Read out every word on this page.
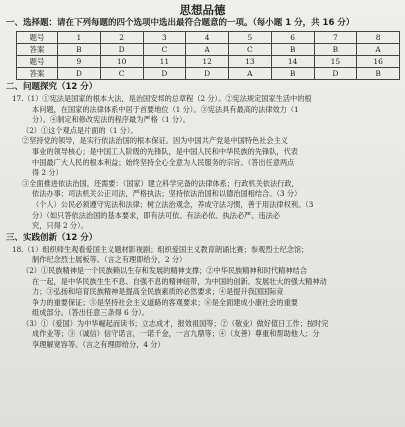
思想品德
一、选择题：请在下列每题的四个选项中选出最符合题意的一项。（每小题 1 分，共 16 分）
题号	1	2	3	4	5	6	7	8
答案	B	D	C	A	C	B	B	A
题号	9	10	11	12	13	14	15	16
答案	D	C	D	D	A	B	D	B
二、问题探究（12 分）
17.（1）①宪法是国家的根本大法，是治国安邦的总章程（2 分）。②宪法规定国家生活中的根
本问题，在国家的法律体系中居于首要地位（1 分）。③宪法具有最高的法律效力（1
分）。④制定和修改宪法的程序最为严格（1 分）。
（2）①这个观点是片面的（1 分）。
②坚持党的领导，是实行依法治国的根本保证。因为中国共产党是中国特色社会主义
事业的领导核心；是中国工人阶级的先锋队，是中国人民和中华民族的先锋队，代表
中国最广大人民的根本利益；始终坚持全心全意为人民服务的宗旨。（答出任意两点
得 2 分）
③全面推进依法治国，还需要：（国家）建立科学完备的法律体系；行政机关依法行政，
依法办事；司法机关公正司法，严格执法；坚持依法治国和以德治国相结合。（3 分）
（个人）公民必须遵守宪法和法律；树立法治观念，养成守法习惯，善于用法律权利。（3
分）（如只答依法治国的基本要求，即有法可依、有法必依、执法必严、违法必
究，只得 2 分）。
三、实践创新（12 分）
18.（1）组织师生观看爱国主义题材影视剧；组织爱国主义教育朗诵比赛；参观烈士纪念馆；
制作纪念烈士展板等。（言之有理即给分，2 分）
（2）①民族精神是一个民族赖以生存和发展的精神支撑；②中华民族精神和时代精神结合
在一起，是中华民族生生不息、自强不息的精神纽带，为中国的创新、发展壮大的强大精神动
力；③弘扬和培育民族精神是提高全民族素质的必然要求；④是提升我国国际竞
争力的重要保证；⑤是坚持社会主义道路的客观要求；⑥是全面建成小康社会的重要
组成部分。（答出任意三条得 6 分）。
（3）①（爱国）为中华崛起而读书；立志成才，报效祖国等；②（敬业）做好值日工作；按时完
成作业等；③（诚信）信守诺言，一诺千金，一言九鼎等；④（友善）尊重和帮助他人；分
享理解宽容等。（言之有理即给分，4 分）
